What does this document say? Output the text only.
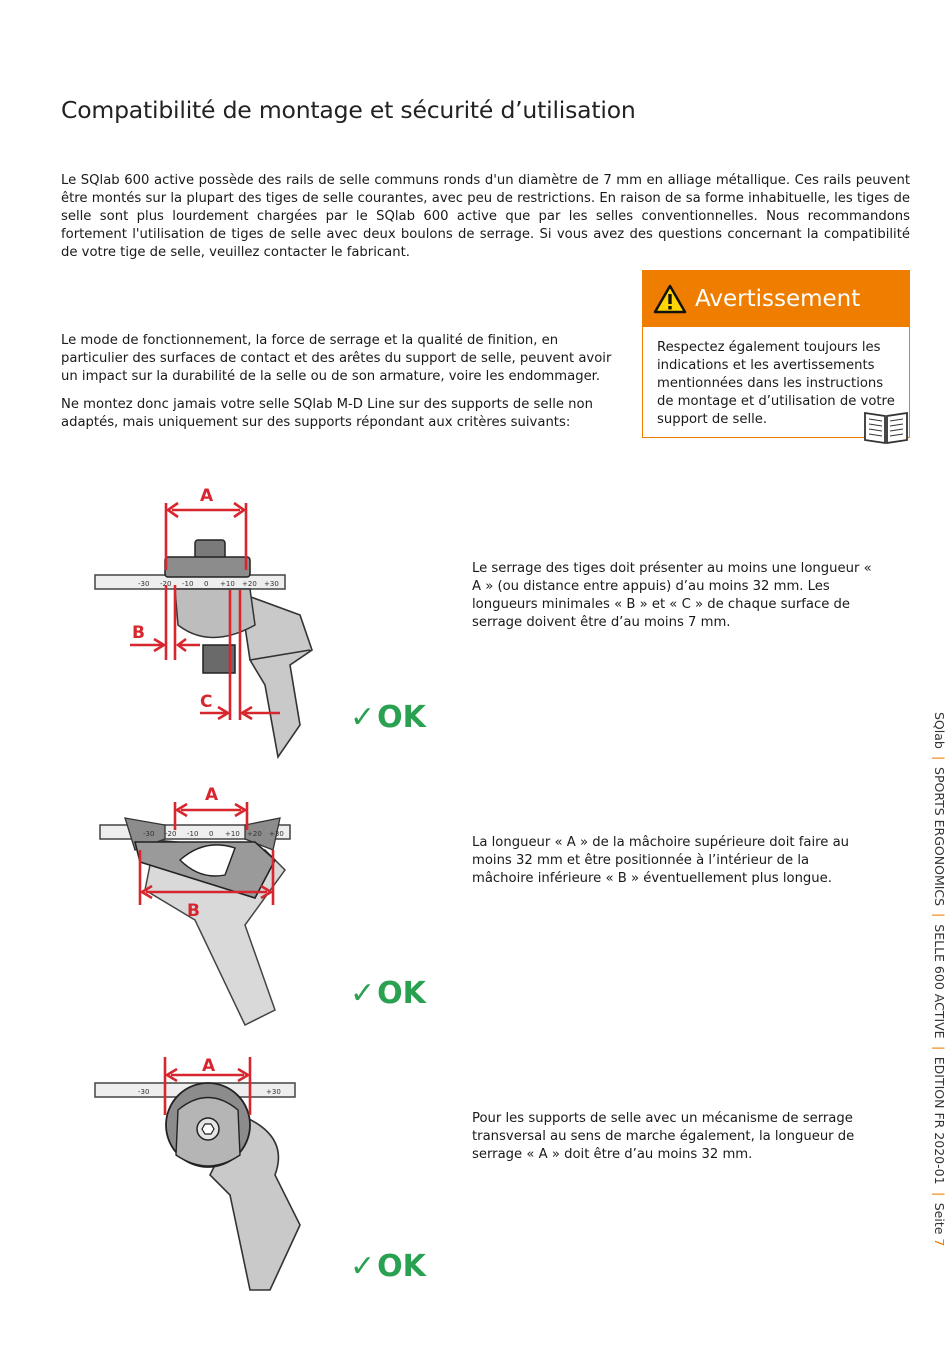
Compatibilité de montage et sécurité d’utilisation

Le SQlab 600 active possède des rails de selle communs ronds d'un diamètre de 7 mm en alliage métallique. Ces rails peuvent être montés sur la plupart des tiges de selle courantes, avec peu de restrictions. En raison de sa forme inhabituelle, les tiges de selle sont plus lourdement chargées par le SQlab 600 active que par les selles conventionnelles. Nous recommandons fortement l'utilisation de tiges de selle avec deux boulons de serrage. Si vous avez des questions concernant la compatibilité de votre tige de selle, veuillez contacter le fabricant.

Le mode de fonctionnement, la force de serrage et la qualité de finition, en particulier des surfaces de contact et des arêtes du support de selle, peuvent avoir un impact sur la durabilité de la selle ou de son armature, voire les endommager.

Ne montez donc jamais votre selle SQlab M-D Line sur des supports de selle non adaptés, mais uniquement sur des supports répondant aux critères suivants:

Avertissement
Respectez également toujours les indications et les avertissements mentionnées dans les instructions de montage et d’utilisation de votre support de selle.
-30 -20 -10 0 +10 +20 +30
A
B
C

Le serrage des tiges doit présenter au moins une longueur « A » (ou distance entre appuis) d’au moins 32 mm. Les longueurs minimales « B » et « C » de chaque surface de serrage doivent être d’au moins 7 mm.

✓ OK
-30 -20 -10 0 +10 +20 +30
A
B

La longueur « A » de la mâchoire supérieure doit faire au moins 32 mm et être positionnée à l’intérieur de la mâchoire inférieure « B » éventuellement plus longue.

✓ OK
-30	+30
A

Pour les supports de selle avec un mécanisme de serrage transversal au sens de marche également, la longueur de serrage « A » doit être d’au moins 32 mm.

✓ OK
SQlab | SPORTS ERGONOMICS | SELLE 600 ACTIVE | EDITION FR 2020-01 | Seite 7
